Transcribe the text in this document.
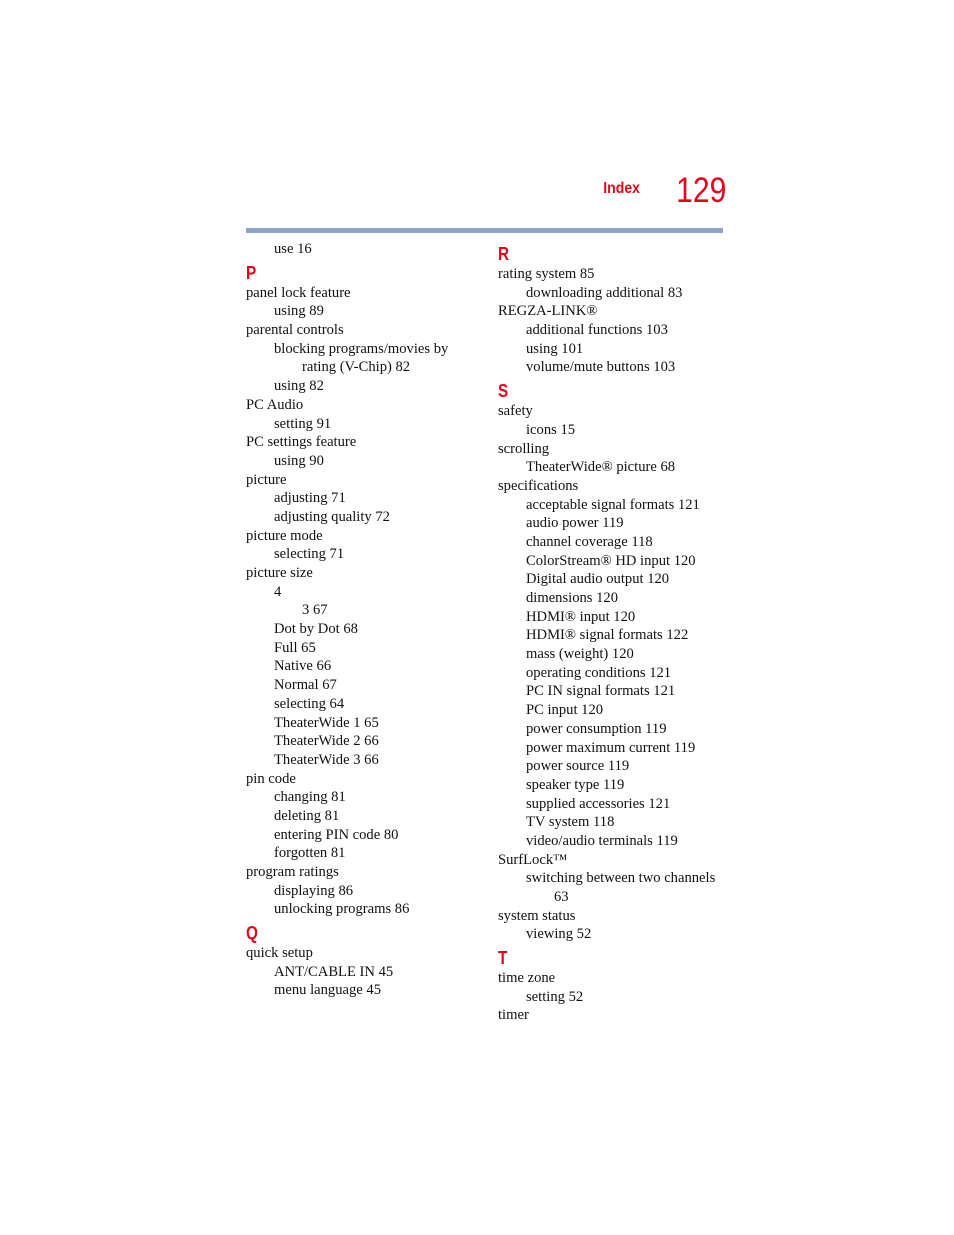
Index 129
use 16
P
panel lock feature
using 89
parental controls
blocking programs/movies by
rating (V-Chip) 82
using 82
PC Audio
setting 91
PC settings feature
using 90
picture
adjusting 71
adjusting quality 72
picture mode
selecting 71
picture size
4
3 67
Dot by Dot 68
Full 65
Native 66
Normal 67
selecting 64
TheaterWide 1 65
TheaterWide 2 66
TheaterWide 3 66
pin code
changing 81
deleting 81
entering PIN code 80
forgotten 81
program ratings
displaying 86
unlocking programs 86
Q
quick setup
ANT/CABLE IN 45
menu language 45
R
rating system 85
downloading additional 83
REGZA-LINK®
additional functions 103
using 101
volume/mute buttons 103
S
safety
icons 15
scrolling
TheaterWide® picture 68
specifications
acceptable signal formats 121
audio power 119
channel coverage 118
ColorStream® HD input 120
Digital audio output 120
dimensions 120
HDMI® input 120
HDMI® signal formats 122
mass (weight) 120
operating conditions 121
PC IN signal formats 121
PC input 120
power consumption 119
power maximum current 119
power source 119
speaker type 119
supplied accessories 121
TV system 118
video/audio terminals 119
SurfLock™
switching between two channels
63
system status
viewing 52
T
time zone
setting 52
timer
